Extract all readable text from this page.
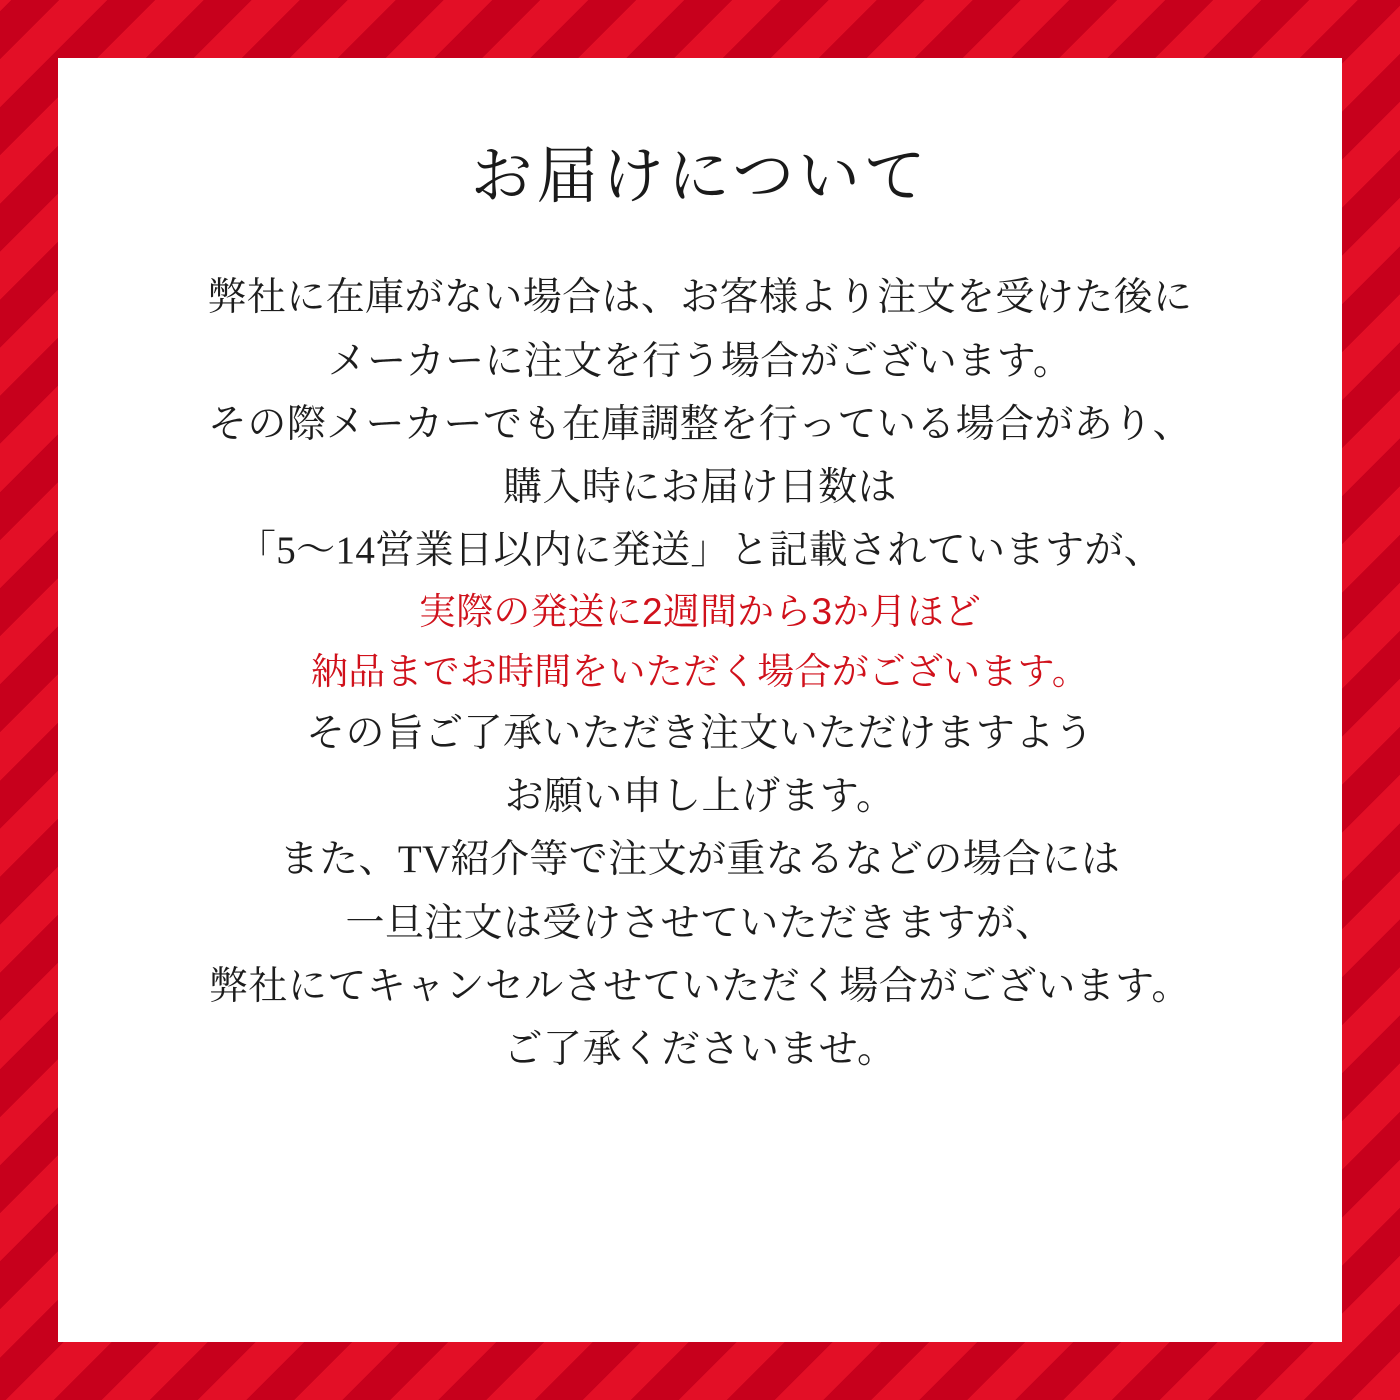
お届けについて

弊社に在庫がない場合は、お客様より注文を受けた後に

メーカーに注文を行う場合がございます。

その際メーカーでも在庫調整を行っている場合があり、

購入時にお届け日数は

「5〜14営業日以内に発送」と記載されていますが、

実際の発送に2週間から3か月ほど

納品までお時間をいただく場合がございます。

その旨ご了承いただき注文いただけますよう

お願い申し上げます。

また、TV紹介等で注文が重なるなどの場合には

一旦注文は受けさせていただきますが、

弊社にてキャンセルさせていただく場合がございます。

ご了承くださいませ。
